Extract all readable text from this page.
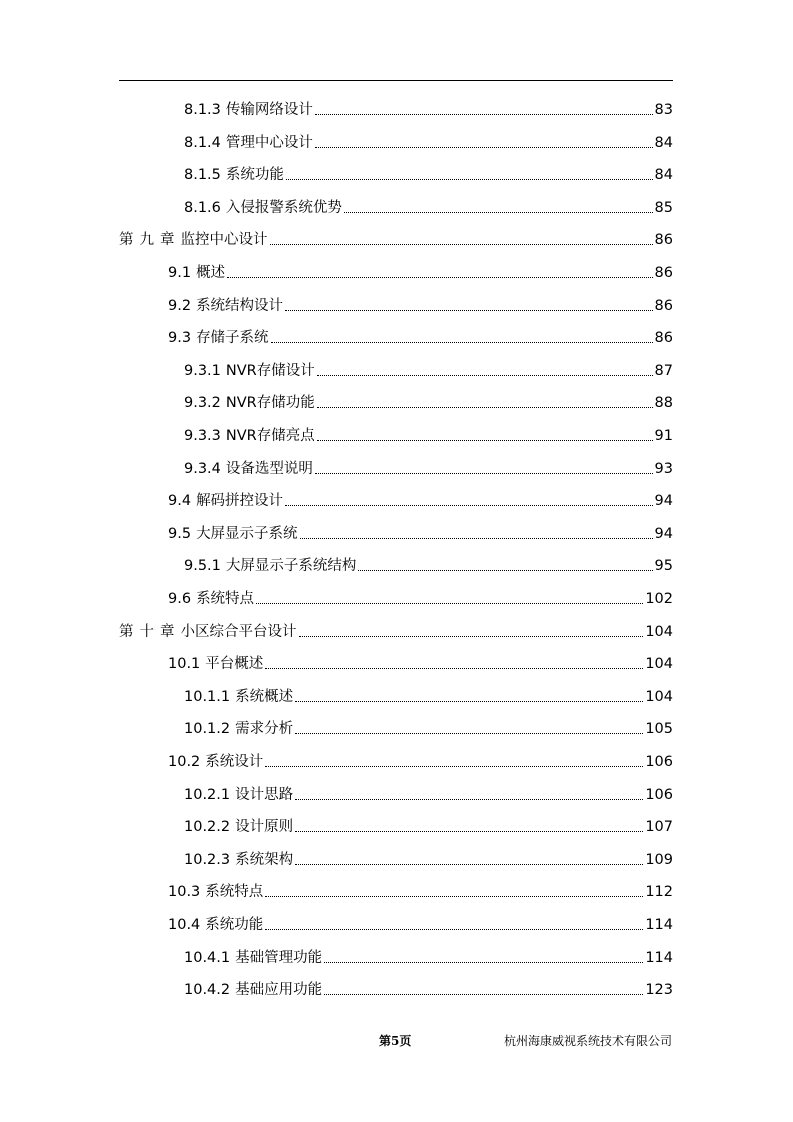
8.1.3 传输网络设计	83
8.1.4 管理中心设计	84
8.1.5 系统功能	84
8.1.6 入侵报警系统优势	85
第九章监控中心设计	86
9.1 概述	86
9.2 系统结构设计	86
9.3 存储子系统	86
9.3.1 NVR存储设计	87
9.3.2 NVR存储功能	88
9.3.3 NVR存储亮点	91
9.3.4 设备选型说明	93
9.4 解码拼控设计	94
9.5 大屏显示子系统	94
9.5.1 大屏显示子系统结构	95
9.6 系统特点	102
第十章小区综合平台设计	104
10.1 平台概述	104
10.1.1 系统概述	104
10.1.2 需求分析	105
10.2 系统设计	106
10.2.1 设计思路	106
10.2.2 设计原则	107
10.2.3 系统架构	109
10.3 系统特点	112
10.4 系统功能	114
10.4.1 基础管理功能	114
10.4.2 基础应用功能	123
第5页	杭州海康威视系统技术有限公司
